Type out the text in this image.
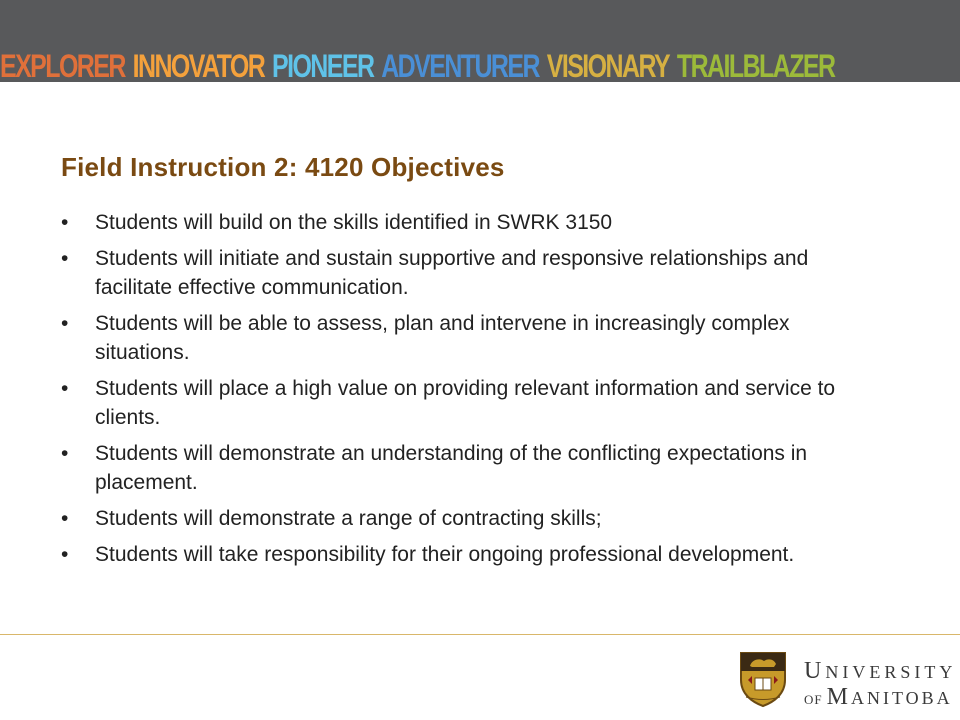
EXPLORER INNOVATOR PIONEER ADVENTURER VISIONARY TRAILBLAZER
Field Instruction 2: 4120 Objectives
• Students will build on the skills identified in SWRK 3150
• Students will initiate and sustain supportive and responsive relationships and facilitate effective communication.
• Students will be able to assess, plan and intervene in increasingly complex situations.
• Students will place a high value on providing relevant information and service to clients.
• Students will demonstrate an understanding of the conflicting expectations in placement.
• Students will demonstrate a range of contracting skills;
• Students will take responsibility for their ongoing professional development.
UNIVERSITY
OF MANITOBA
